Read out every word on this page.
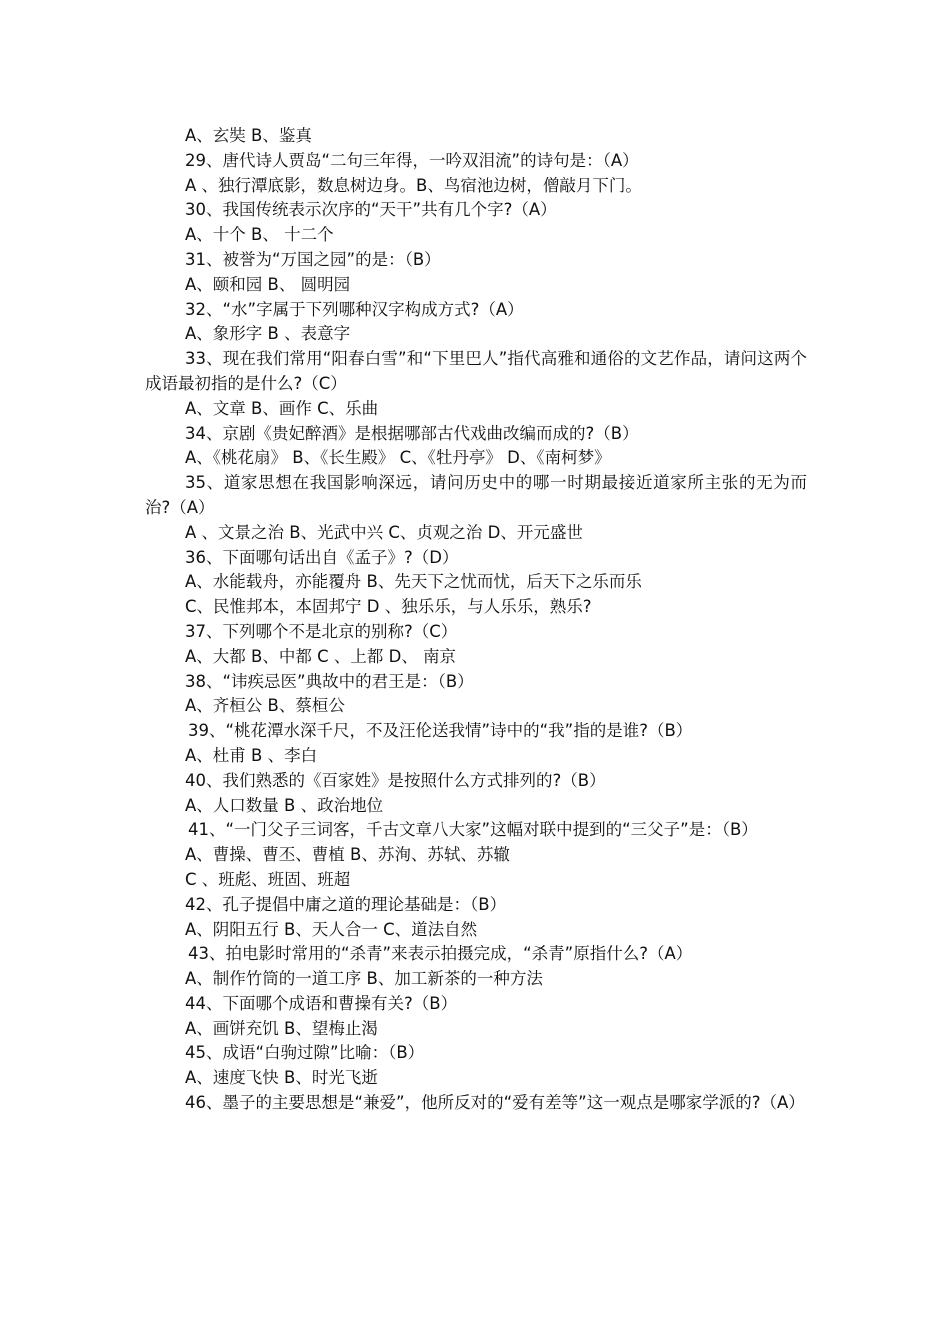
A、玄奘 B、鉴真
29、唐代诗人贾岛“二句三年得，一吟双泪流”的诗句是：（A）
A 、独行潭底影，数息树边身。B、鸟宿池边树，僧敲月下门。
30、我国传统表示次序的“天干”共有几个字?（A）
A、十个 B、 十二个
31、被誉为“万国之园”的是：（B）
A、颐和园 B、 圆明园
32、“水”字属于下列哪种汉字构成方式?（A）
A、象形字 B 、表意字
33、现在我们常用“阳春白雪”和“下里巴人”指代高雅和通俗的文艺作品，请问这两个成语最初指的是什么?（C）
A、文章 B、画作 C、乐曲
34、京剧《贵妃醉酒》是根据哪部古代戏曲改编而成的?（B）
A、《桃花扇》 B、《长生殿》 C、《牡丹亭》 D、《南柯梦》
35、道家思想在我国影响深远，请问历史中的哪一时期最接近道家所主张的无为而治?（A）
A 、文景之治 B、光武中兴 C、贞观之治 D、开元盛世
36、下面哪句话出自《孟子》?（D）
A、水能载舟，亦能覆舟 B、先天下之忧而忧，后天下之乐而乐
C、民惟邦本，本固邦宁 D 、独乐乐，与人乐乐，熟乐?
37、下列哪个不是北京的别称?（C）
A、大都 B、中都 C 、上都 D、 南京
38、“讳疾忌医”典故中的君王是：（B）
A、齐桓公 B、蔡桓公
39、“桃花潭水深千尺，不及汪伦送我情”诗中的“我”指的是谁?（B）
A、杜甫 B 、李白
40、我们熟悉的《百家姓》是按照什么方式排列的?（B）
A、人口数量 B 、政治地位
41、“一门父子三词客，千古文章八大家”这幅对联中提到的“三父子”是：（B）
A、曹操、曹丕、曹植 B、苏洵、苏轼、苏辙
C 、班彪、班固、班超
42、孔子提倡中庸之道的理论基础是：（B）
A、阴阳五行 B、天人合一 C、道法自然
43、拍电影时常用的“杀青”来表示拍摄完成，“杀青”原指什么?（A）
A、制作竹筒的一道工序 B、加工新茶的一种方法
44、下面哪个成语和曹操有关?（B）
A、画饼充饥 B、望梅止渴
45、成语“白驹过隙”比喻：（B）
A、速度飞快 B、时光飞逝
46、墨子的主要思想是“兼爱”，他所反对的“爱有差等”这一观点是哪家学派的?（A）
